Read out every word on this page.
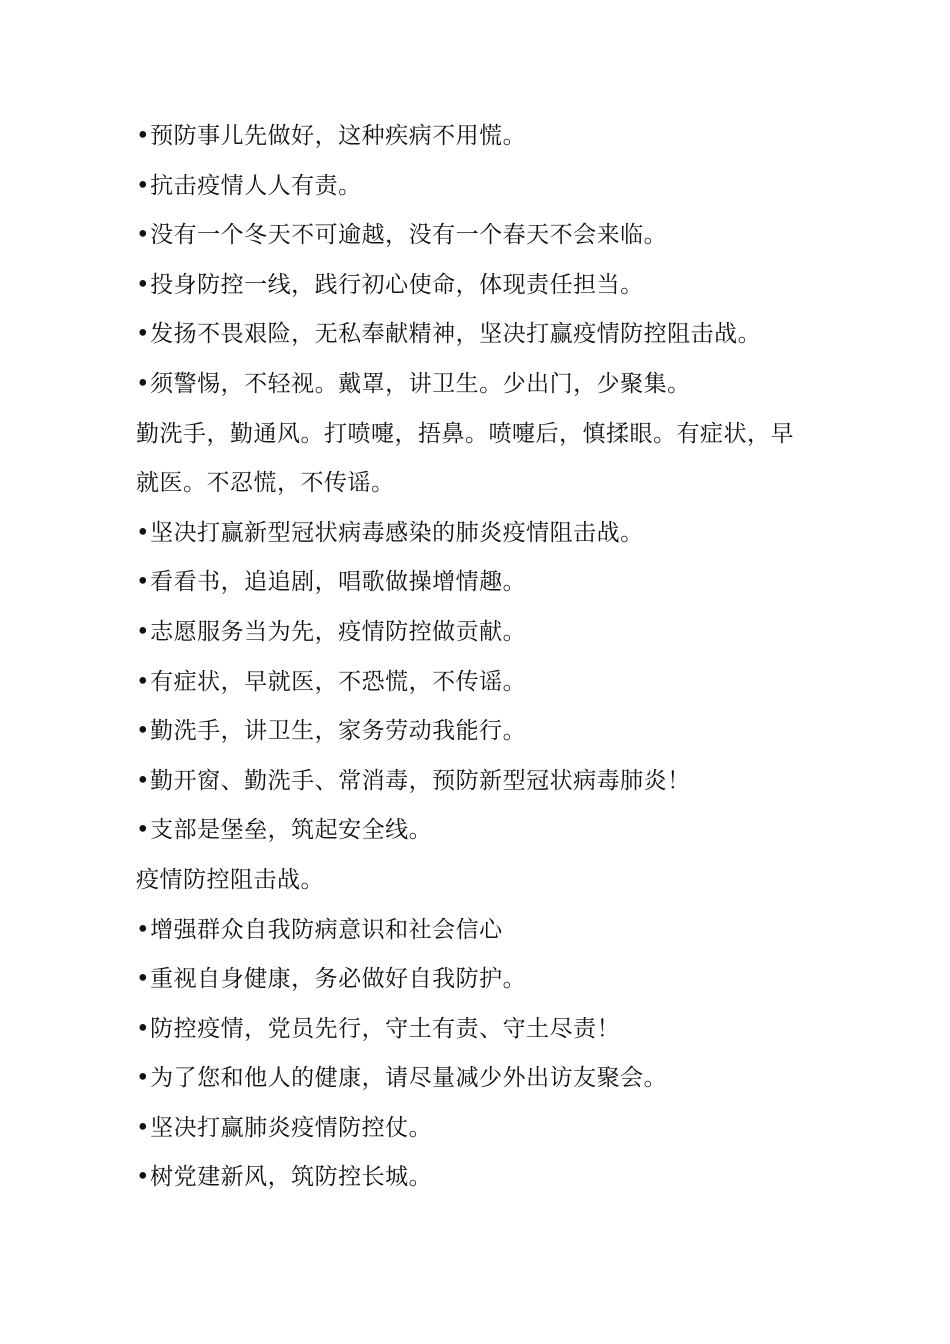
•预防事儿先做好，这种疾病不用慌。
•抗击疫情人人有责。
•没有一个冬天不可逾越，没有一个春天不会来临。
•投身防控一线，践行初心使命，体现责任担当。
•发扬不畏艰险，无私奉献精神，坚决打赢疫情防控阻击战。
•须警惕，不轻视。戴罩，讲卫生。少出门，少聚集。
勤洗手，勤通风。打喷嚏，捂鼻。喷嚏后，慎揉眼。有症状，早
就医。不忍慌，不传谣。
•坚决打赢新型冠状病毒感染的肺炎疫情阻击战。
•看看书，追追剧，唱歌做操增情趣。
•志愿服务当为先，疫情防控做贡献。
•有症状，早就医，不恐慌，不传谣。
•勤洗手，讲卫生，家务劳动我能行。
•勤开窗、勤洗手、常消毒，预防新型冠状病毒肺炎！
•支部是堡垒，筑起安全线。
疫情防控阻击战。
•增强群众自我防病意识和社会信心
•重视自身健康，务必做好自我防护。
•防控疫情，党员先行，守土有责、守土尽责！
•为了您和他人的健康，请尽量减少外出访友聚会。
•坚决打赢肺炎疫情防控仗。
•树党建新风，筑防控长城。
